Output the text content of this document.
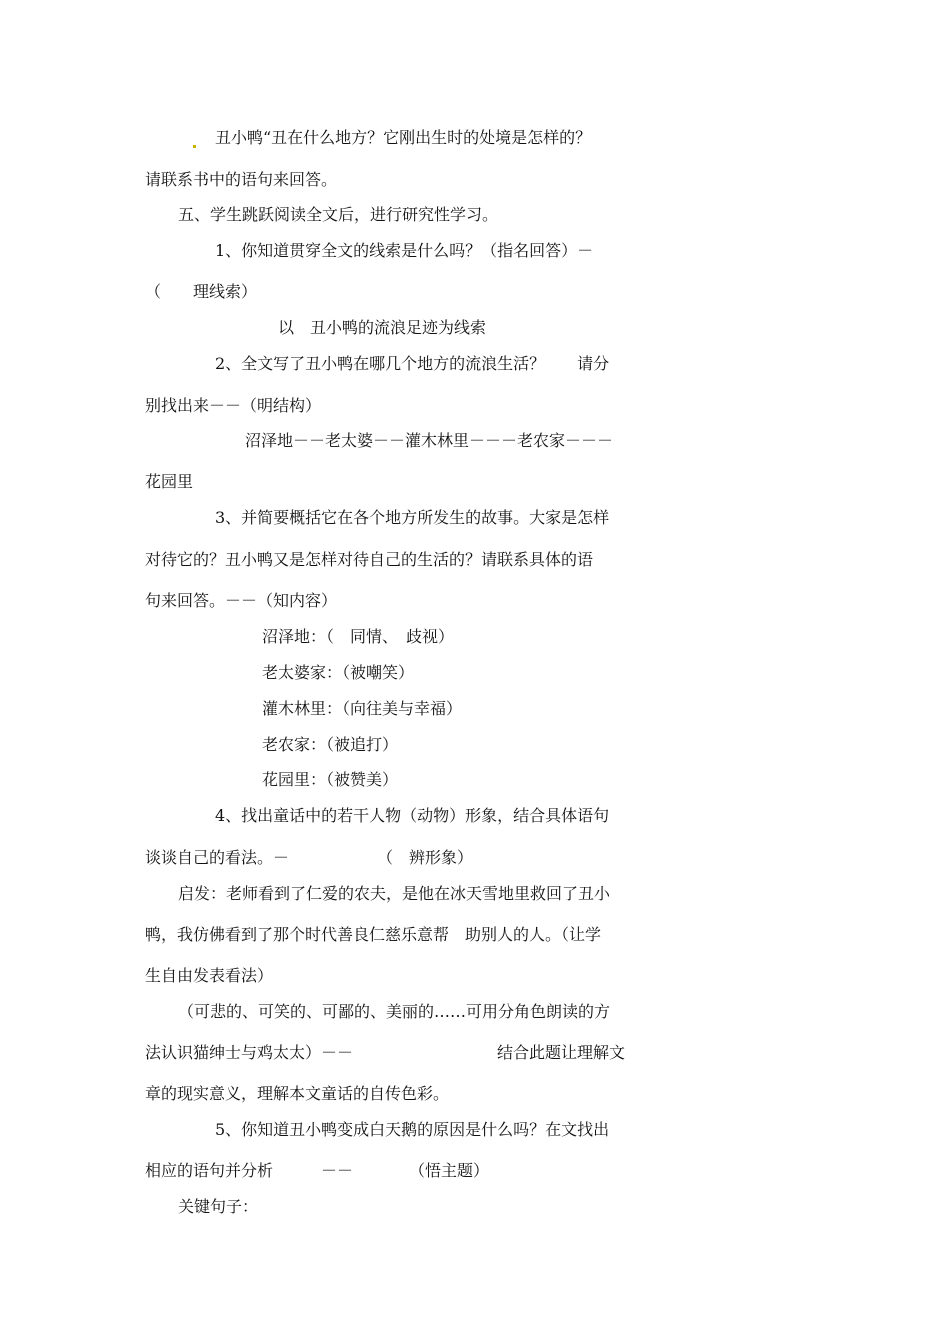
丑小鸭“丑在什么地方？它刚出生时的处境是怎样的？
请联系书中的语句来回答。
五、学生跳跃阅读全文后，进行研究性学习。
1、你知道贯穿全文的线索是什么吗？（指名回答）－
（　　理线索）
以　丑小鸭的流浪足迹为线索
2、全文写了丑小鸭在哪几个地方的流浪生活？　　请分
别找出来－－（明结构）
沼泽地－－老太婆－－灌木林里－－－老农家－－－
花园里
3、并简要概括它在各个地方所发生的故事。大家是怎样
对待它的？丑小鸭又是怎样对待自己的生活的？请联系具体的语
句来回答。－－（知内容）
沼泽地：（　同情、　歧视）
老太婆家：（被嘲笑）
灌木林里：（向往美与幸福）
老农家：（被追打）
花园里：（被赞美）
4、找出童话中的若干人物（动物）形象，结合具体语句
谈谈自己的看法。－　　　　　　（　辨形象）
启发：老师看到了仁爱的农夫，是他在冰天雪地里救回了丑小
鸭，我仿佛看到了那个时代善良仁慈乐意帮　助别人的人。（让学
生自由发表看法）
（可悲的、可笑的、可鄙的、美丽的……可用分角色朗读的方
法认识猫绅士与鸡太太）－－	结合此题让理解文
章的现实意义，理解本文童话的自传色彩。
5、你知道丑小鸭变成白天鹅的原因是什么吗？在文找出
相应的语句并分析　　　－－　　　　（悟主题）
关键句子：
